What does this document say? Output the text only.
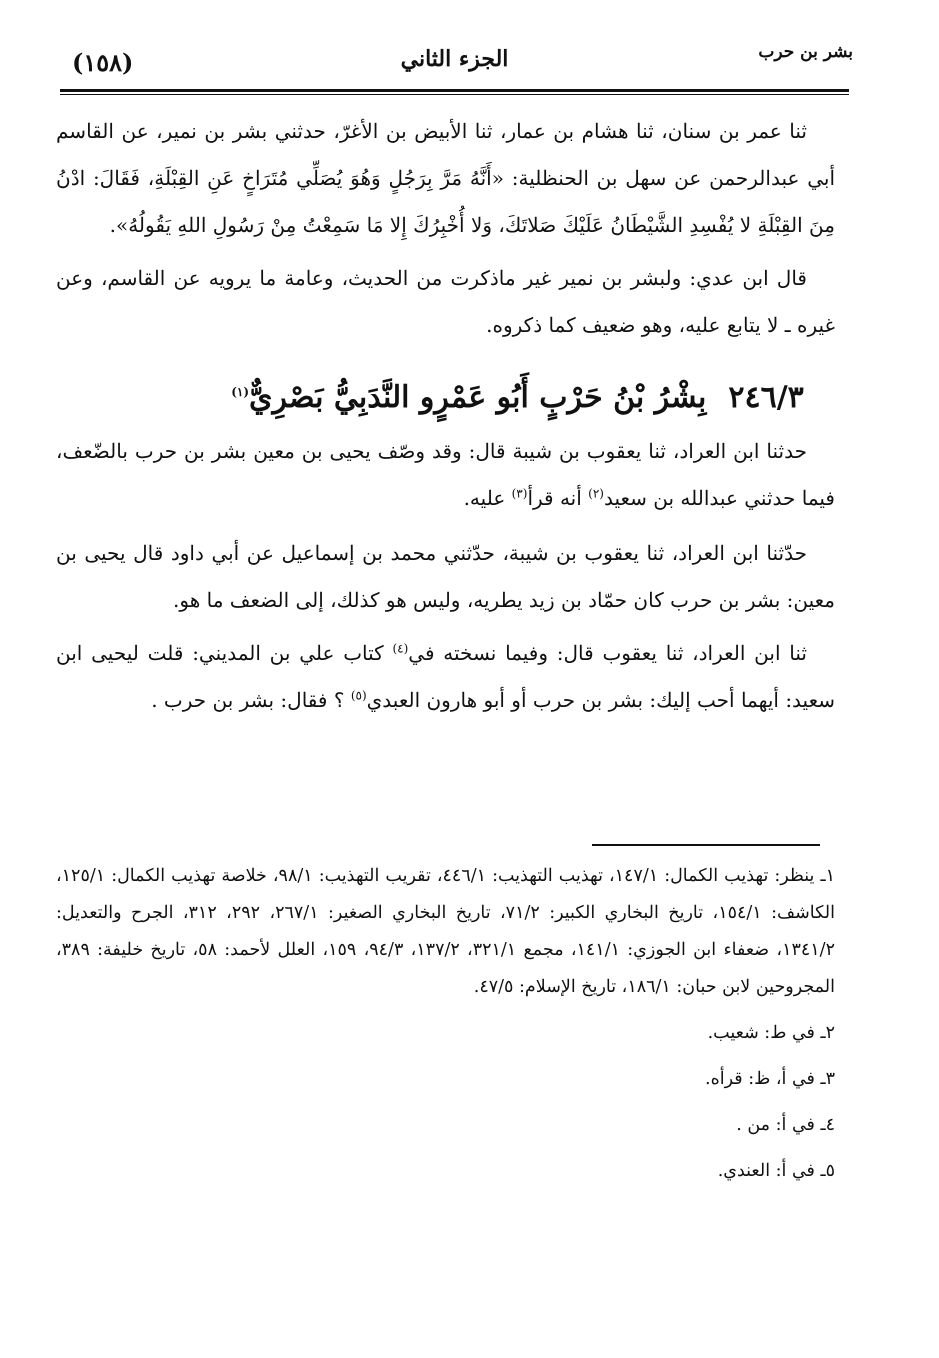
(١٥٨)	الجزء الثاني	بشر بن حرب

ثنا عمر بن سنان، ثنا هشام بن عمار، ثنا الأبيض بن الأغرّ، حدثني بشر بن نمير، عن القاسم أبي عبدالرحمن عن سهل بن الحنظلية: «أَنَّهُ مَرَّ بِرَجُلٍ وَهُوَ يُصَلِّي مُتَرَاخٍ عَنِ القِبْلَةِ، فَقَالَ: ادْنُ مِنَ القِبْلَةِ لا يُفْسِدِ الشَّيْطَانُ عَلَيْكَ صَلاتَكَ، وَلا أُخْبِرُكَ إِلا مَا سَمِعْتُ مِنْ رَسُولِ اللهِ يَقُولُهُ».

قال ابن عدي: ولبشر بن نمير غير ماذكرت من الحديث، وعامة ما يرويه عن القاسم، وعن غيره ـ لا يتابع عليه، وهو ضعيف كما ذكروه.

٢٤٦/٣بِشْرُ بْنُ حَرْبٍ أَبُو عَمْرٍو النَّدَبِيُّ بَصْرِيٌّ$^{(١)}$

حدثنا ابن العراد، ثنا يعقوب بن شيبة قال: وقد وصّف يحيى بن معين بشر بن حرب بالضّعف، فيما حدثني عبدالله بن سعيد$^{(٢)}$ أنه قرأ$^{(٣)}$ عليه.

حدّثنا ابن العراد، ثنا يعقوب بن شيبة، حدّثني محمد بن إسماعيل عن أبي داود قال يحيى بن معين: بشر بن حرب كان حمّاد بن زيد يطريه، وليس هو كذلك، إلى الضعف ما هو.

ثنا ابن العراد، ثنا يعقوب قال: وفيما نسخته في$^{(٤)}$ كتاب علي بن المديني: قلت ليحيى ابن سعيد: أيهما أحب إليك: بشر بن حرب أو أبو هارون العبدي$^{(٥)}$ ؟ فقال: بشر بن حرب .

١ـ ينظر: تهذيب الكمال: ١٤٧/١، تهذيب التهذيب: ٤٤٦/١، تقريب التهذيب: ٩٨/١، خلاصة تهذيب الكمال: ١٢٥/١، الكاشف: ١٥٤/١، تاريخ البخاري الكبير: ٧١/٢، تاريخ البخاري الصغير: ٢٦٧/١، ٢٩٢، ٣١٢، الجرح والتعديل: ١٣٤١/٢، ضعفاء ابن الجوزي: ١٤١/١، مجمع ٣٢١/١، ١٣٧/٢، ٩٤/٣، ١٥٩، العلل لأحمد: ٥٨، تاريخ خليفة: ٣٨٩، المجروحين لابن حبان: ١٨٦/١، تاريخ الإسلام: ٤٧/٥.

٢ـ في ط: شعيب.

٣ـ في أ، ظ: قرأه.

٤ـ في أ: من .

٥ـ في أ: العندي.
